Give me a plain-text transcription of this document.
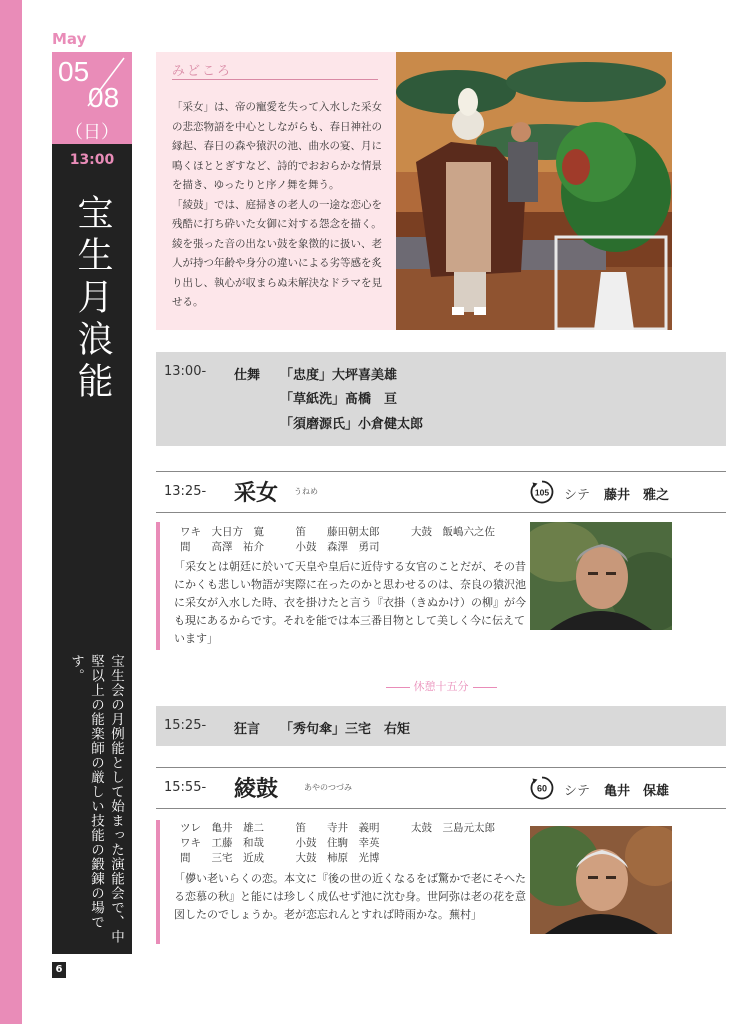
May
05
08
（日）
13:00
宝生月浪能
宝生会の月例能として始まった演能会で、中堅以上の能楽師の厳しい技能の鍛錬の場です。
6
みどころ
「采女」は、帝の寵愛を失って入水した采女の悲恋物語を中心としながらも、春日神社の縁起、春日の森や猿沢の池、曲水の宴、月に鳴くほととぎすなど、詩的でおおらかな情景を描き、ゆったりと序ノ舞を舞う。
「綾鼓」では、庭掃きの老人の一途な恋心を残酷に打ち砕いた女御に対する怨念を描く。綾を張った音の出ない鼓を象徴的に扱い、老人が持つ年齢や身分の違いによる劣等感を炙り出し、執心が収まらぬ未解決なドラマを見せる。
13:00- 仕舞 「忠度」大坪喜美雄
「草紙洗」髙橋　亘
「須磨源氏」小倉健太郎
13:25- 采女 うねめ	105 シテ 藤井　雅之
ワキ　大日方　寛　　　笛　　藤田朝太郎　　　大鼓　飯嶋六之佐
間　　高澤　祐介　　　小鼓　森澤　勇司
「采女とは朝廷に於いて天皇や皇后に近侍する女官のことだが、その昔にかくも悲しい物語が実際に在ったのかと思わせるのは、奈良の猿沢池に采女が入水した時、衣を掛けたと言う『衣掛（きぬかけ）の柳』が今も現にあるからです。それを能では本三番目物として美しく今に伝えています」
休憩十五分
15:25- 狂言 「秀句傘」三宅　右矩
15:55- 綾鼓	あやのつづみ	60 シテ 亀井　保雄
ツレ　亀井　雄二　　　笛　　寺井　義明　　　太鼓　三島元太郎
ワキ　工藤　和哉　　　小鼓　住駒　幸英
間　　三宅　近成　　　大鼓　柿原　光博
「儚い老いらくの恋。本文に『後の世の近くなるをば驚かで老にそへたる恋慕の秋』と能には珍しく成仏せず池に沈む身。世阿弥は老の花を意図したのでしょうか。老が恋忘れんとすれば時雨かな。蕪村」
